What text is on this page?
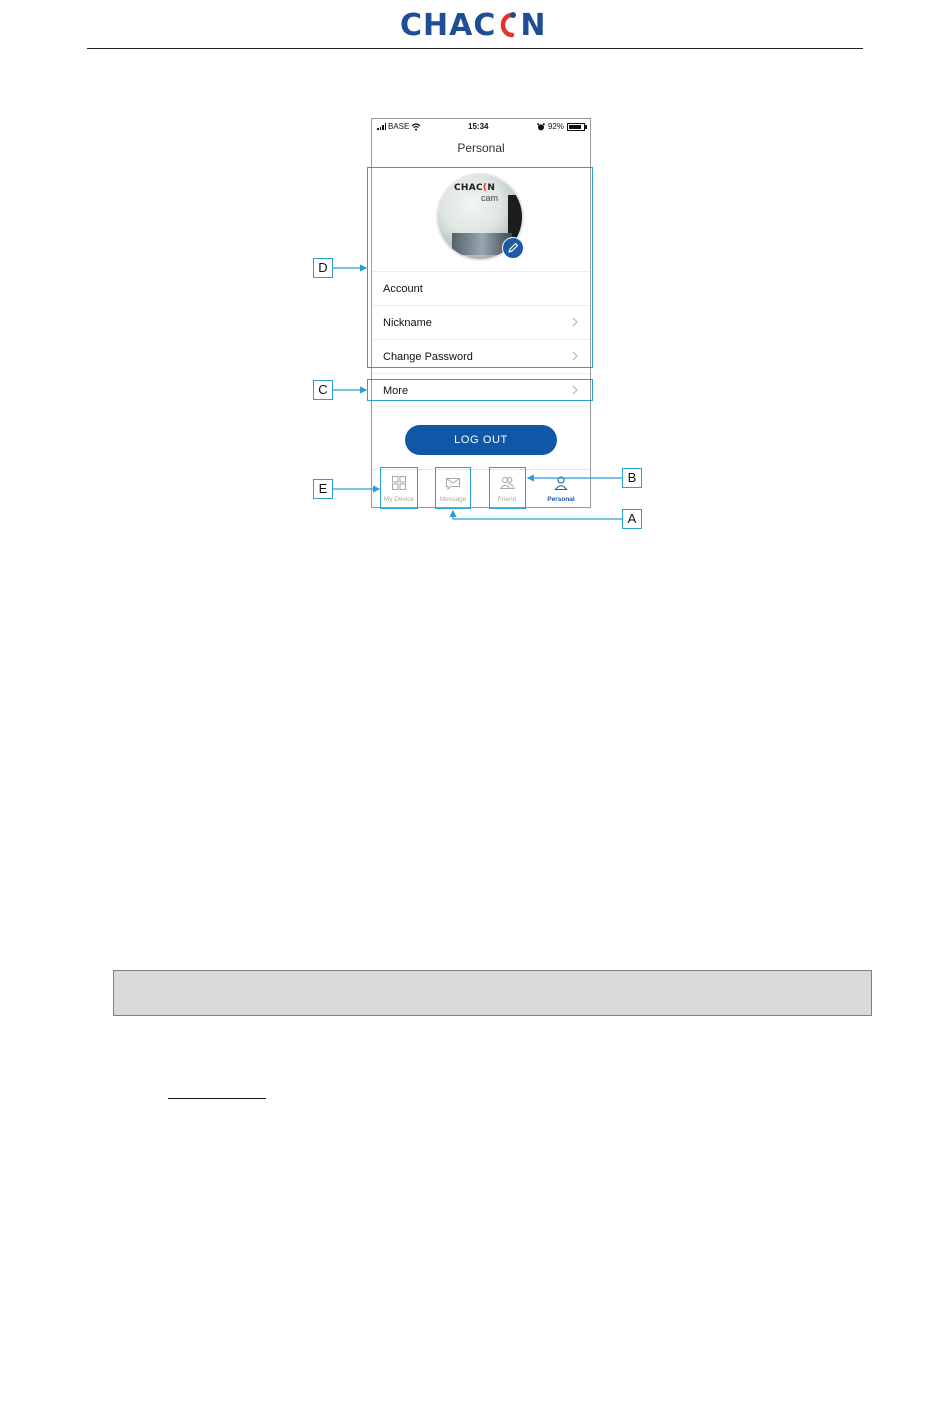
CHAC N
BASE	15:34	92%
Personal
CHAC(N
cam
Account
Nickname
Change Password
More
LOG OUT
My Device	Message	Friend	Personal
D
C
E
B
A
